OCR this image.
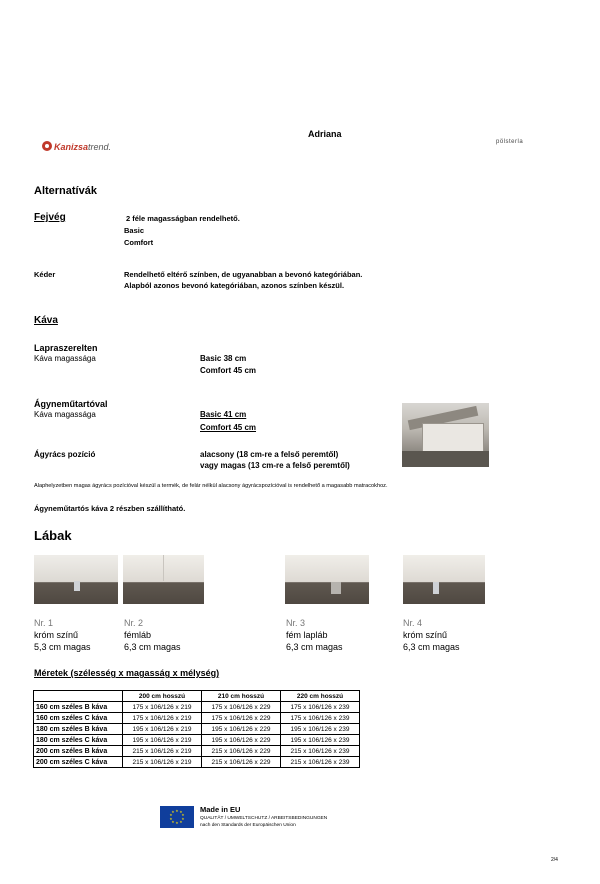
Kanizsatrend.
Adriana
pölsterla
Alternatívák
Fejvég	2 féle magasságban rendelhető.
Basic
Comfort
Kéder	Rendelhető eltérő színben, de ugyanabban a bevonó kategóriában.
Alapból azonos bevonó kategóriában, azonos színben készül.
Káva
Lapraszerelten
Káva magassága	Basic 38 cm
Comfort 45 cm
Ágyneműtartóval
Káva magassága	Basic 41 cm
Comfort 45 cm
Ágyrács pozíció	alacsony (18 cm-re a felső peremtől)
vagy magas (13 cm-re a felső peremtől)
Alaphelyzetben magas ágyrács pozícióval készül a termék, de felár nélkül alacsony ágyrácspozícióval is rendelhető a magasabb matracokhoz.
Ágyneműtartós káva 2 részben szállítható.
Lábak
Nr. 1
króm színű
5,3 cm magas
Nr. 2
fémláb
6,3 cm magas
Nr. 3
fém lapláb
6,3 cm magas
Nr. 4
króm színű
6,3 cm magas
Méretek (szélesség x magasság x mélység)
	200 cm hosszú	210 cm hosszú	220 cm hosszú
160 cm széles B káva	175 x 106/126 x 219	175 x 106/126 x 229	175 x 106/126 x 239
160 cm széles C káva	175 x 106/126 x 219	175 x 106/126 x 229	175 x 106/126 x 239
180 cm széles B káva	195 x 106/126 x 219	195 x 106/126 x 229	195 x 106/126 x 239
180 cm széles C káva	195 x 106/126 x 219	195 x 106/126 x 229	195 x 106/126 x 239
200 cm széles B káva	215 x 106/126 x 219	215 x 106/126 x 229	215 x 106/126 x 239
200 cm széles C káva	215 x 106/126 x 219	215 x 106/126 x 229	215 x 106/126 x 239
★ ★
★
★
★
★
★
★
★
★	Made in EU
QUALITÄT / UMWELTSCHUTZ / ARBEITSBEDINGUNGEN
nach den Standards der Europäischen Union
2/4
